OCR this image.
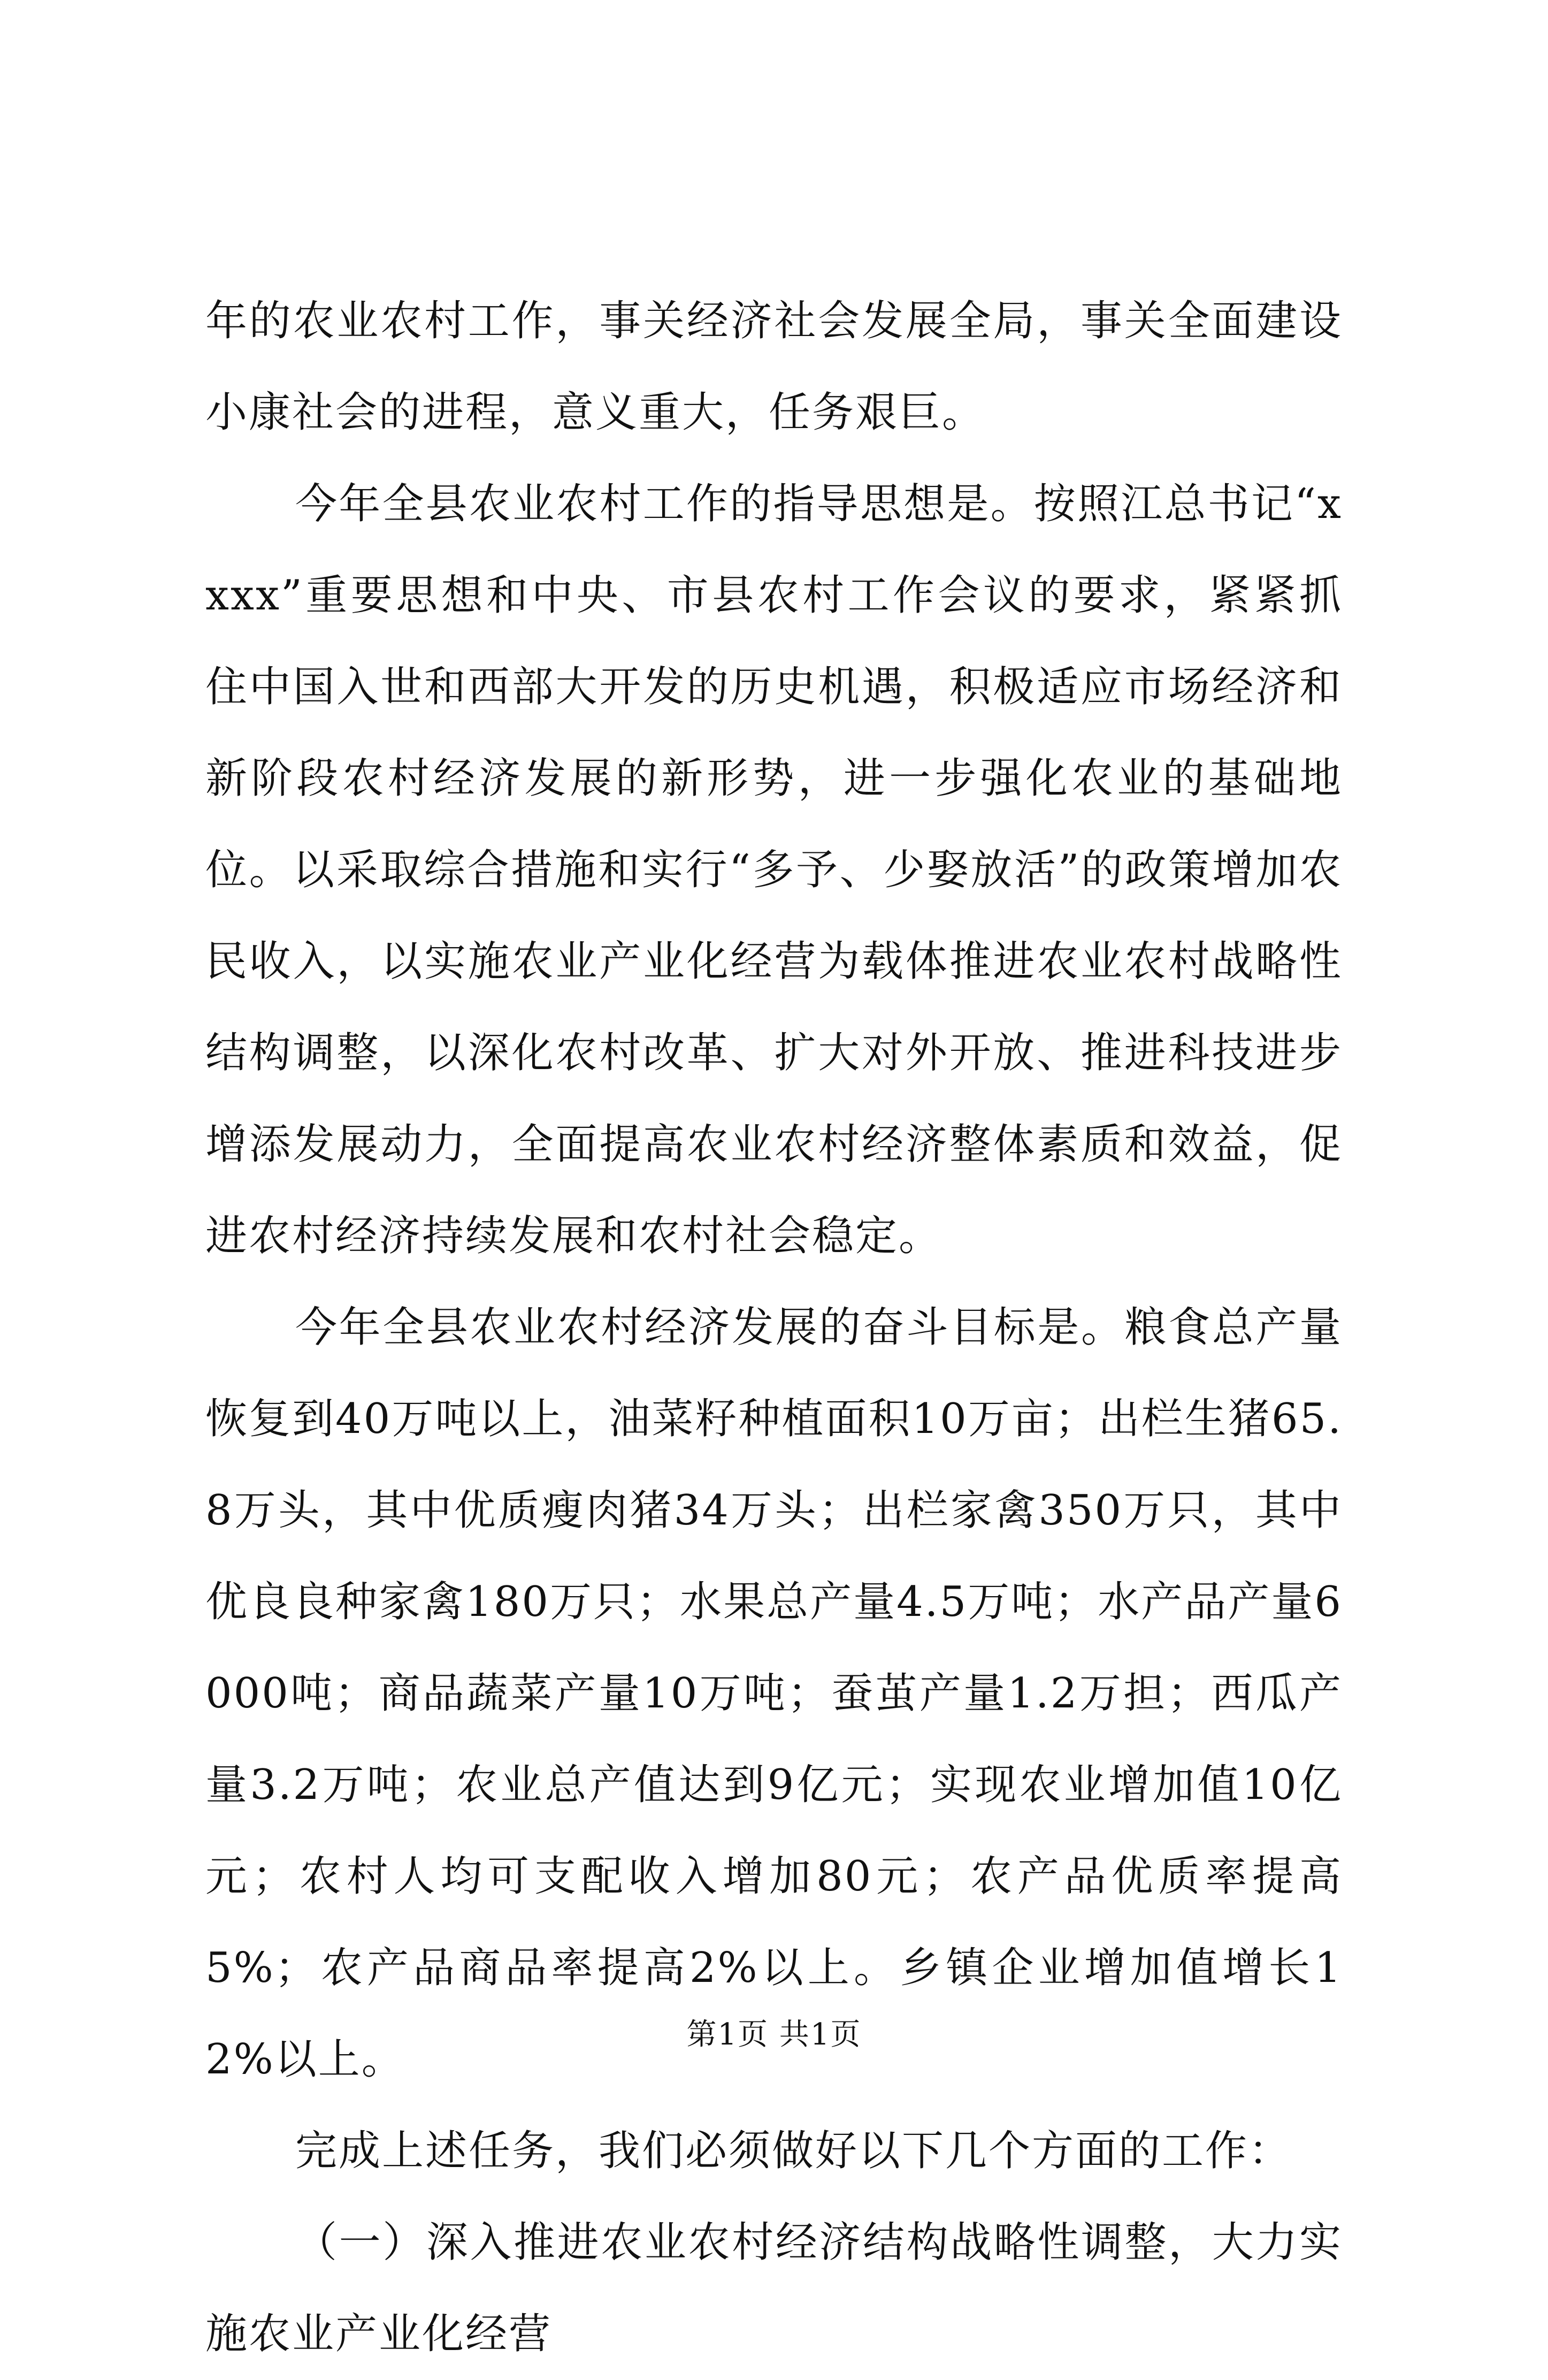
年的农业农村工作，事关经济社会发展全局，事关全面建设小康社会的进程，意义重大，任务艰巨。

今年全县农业农村工作的指导思想是。按照江总书记“xxxx”重要思想和中央、市县农村工作会议的要求，紧紧抓住中国入世和西部大开发的历史机遇，积极适应市场经济和新阶段农村经济发展的新形势，进一步强化农业的基础地位。以采取综合措施和实行“多予、少娶放活”的政策增加农民收入，以实施农业产业化经营为载体推进农业农村战略性结构调整，以深化农村改革、扩大对外开放、推进科技进步增添发展动力，全面提高农业农村经济整体素质和效益，促进农村经济持续发展和农村社会稳定。

今年全县农业农村经济发展的奋斗目标是。粮食总产量恢复到40万吨以上，油菜籽种植面积10万亩；出栏生猪65.8万头，其中优质瘦肉猪34万头；出栏家禽350万只，其中优良良种家禽180万只；水果总产量4.5万吨；水产品产量6000吨；商品蔬菜产量10万吨；蚕茧产量1.2万担；西瓜产量3.2万吨；农业总产值达到9亿元；实现农业增加值10亿元；农村人均可支配收入增加80元；农产品优质率提高5%；农产品商品率提高2%以上。乡镇企业增加值增长12%以上。

完成上述任务，我们必须做好以下几个方面的工作：

（一）深入推进农业农村经济结构战略性调整，大力实施农业产业化经营

第1页 共1页
